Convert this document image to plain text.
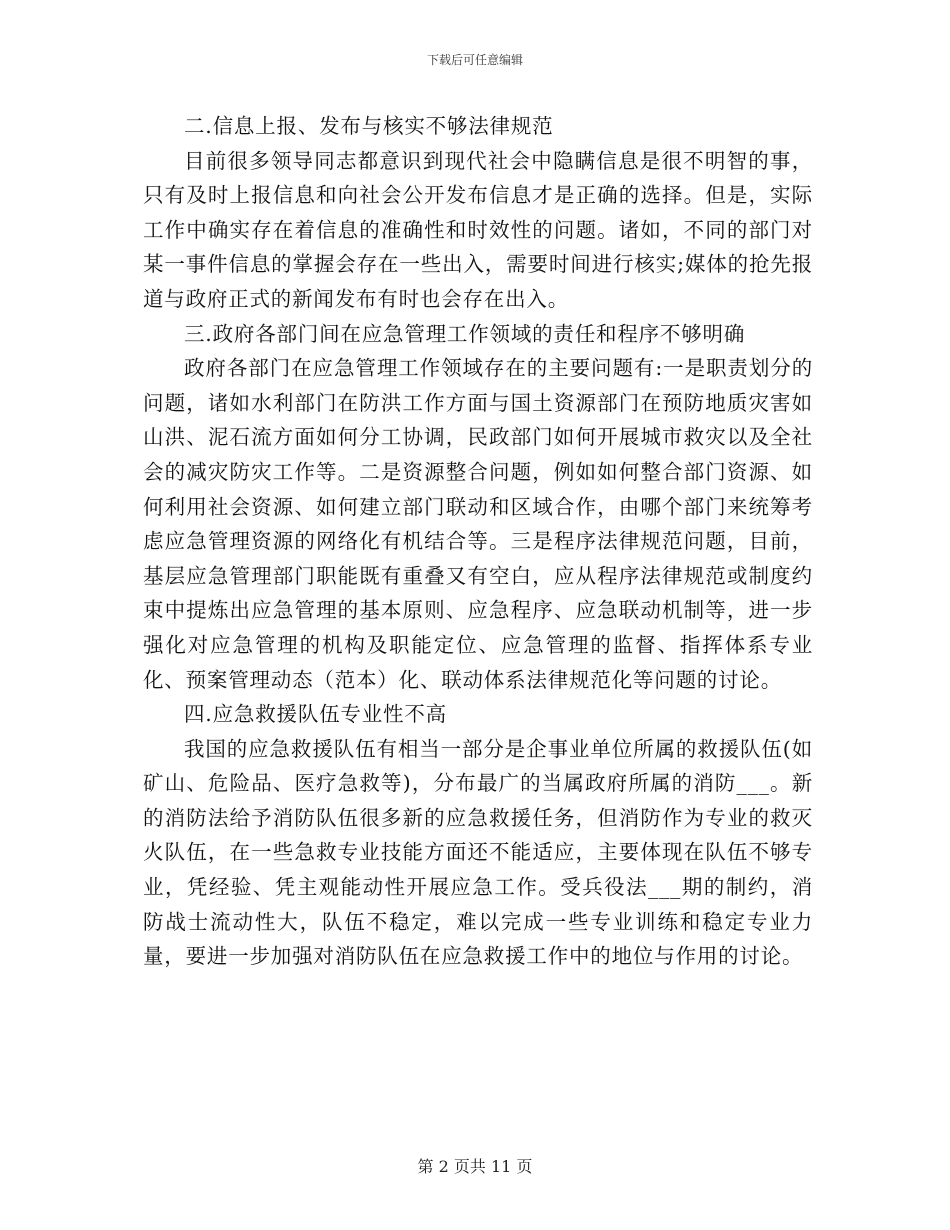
下载后可任意编辑

二.信息上报、发布与核实不够法律规范

目前很多领导同志都意识到现代社会中隐瞒信息是很不明智的事，只有及时上报信息和向社会公开发布信息才是正确的选择。但是，实际工作中确实存在着信息的准确性和时效性的问题。诸如，不同的部门对某一事件信息的掌握会存在一些出入，需要时间进行核实;媒体的抢先报道与政府正式的新闻发布有时也会存在出入。

三.政府各部门间在应急管理工作领域的责任和程序不够明确

政府各部门在应急管理工作领域存在的主要问题有:一是职责划分的问题，诸如水利部门在防洪工作方面与国土资源部门在预防地质灾害如山洪、泥石流方面如何分工协调，民政部门如何开展城市救灾以及全社会的减灾防灾工作等。二是资源整合问题，例如如何整合部门资源、如何利用社会资源、如何建立部门联动和区域合作，由哪个部门来统筹考虑应急管理资源的网络化有机结合等。三是程序法律规范问题，目前，基层应急管理部门职能既有重叠又有空白，应从程序法律规范或制度约束中提炼出应急管理的基本原则、应急程序、应急联动机制等，进一步强化对应急管理的机构及职能定位、应急管理的监督、指挥体系专业化、预案管理动态（范本）化、联动体系法律规范化等问题的讨论。

四.应急救援队伍专业性不高

我国的应急救援队伍有相当一部分是企事业单位所属的救援队伍(如矿山、危险品、医疗急救等)，分布最广的当属政府所属的消防___。新的消防法给予消防队伍很多新的应急救援任务，但消防作为专业的救灭火队伍，在一些急救专业技能方面还不能适应，主要体现在队伍不够专业，凭经验、凭主观能动性开展应急工作。受兵役法___期的制约，消防战士流动性大，队伍不稳定，难以完成一些专业训练和稳定专业力量，要进一步加强对消防队伍在应急救援工作中的地位与作用的讨论。

第 2 页共 11 页
